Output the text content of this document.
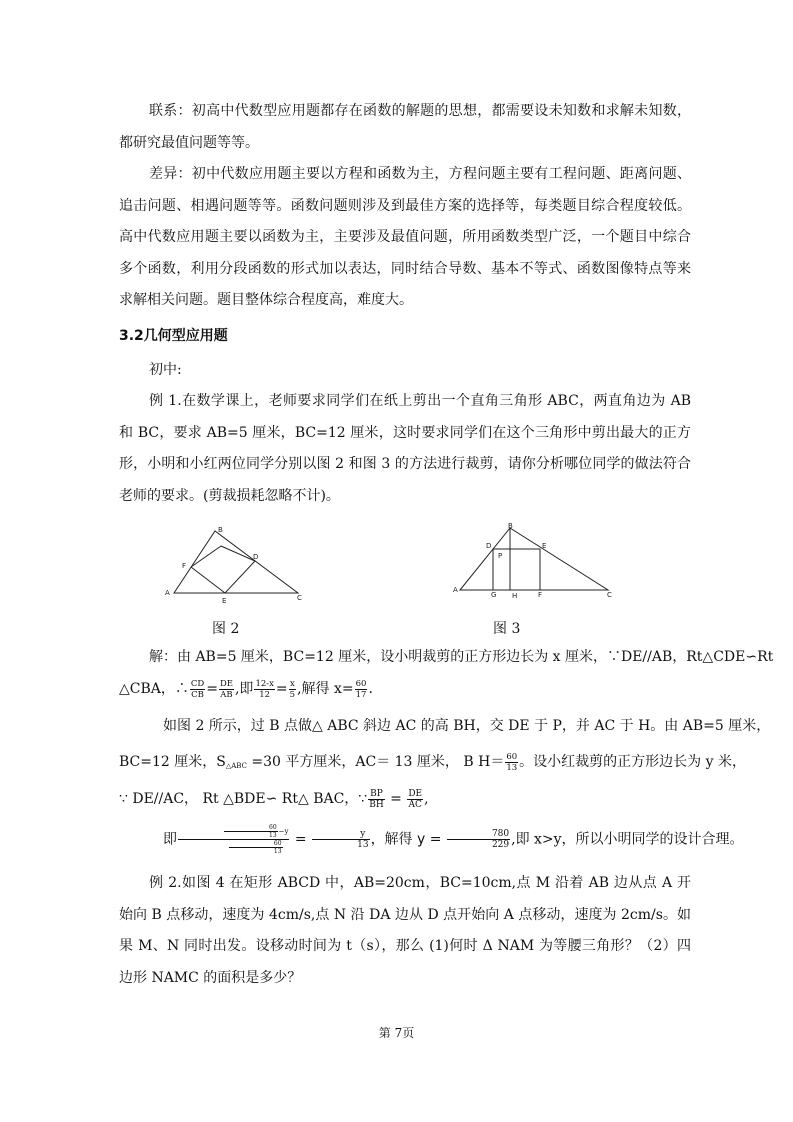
联系：初高中代数型应用题都存在函数的解题的思想，都需要设未知数和求解未知数，都研究最值问题等等。

差异：初中代数应用题主要以方程和函数为主，方程问题主要有工程问题、距离问题、追击问题、相遇问题等等。函数问题则涉及到最佳方案的选择等，每类题目综合程度较低。高中代数应用题主要以函数为主，主要涉及最值问题，所用函数类型广泛，一个题目中综合多个函数，利用分段函数的形式加以表达，同时结合导数、基本不等式、函数图像特点等来求解相关问题。题目整体综合程度高，难度大。

3.2几何型应用题
初中:

例 1.在数学课上，老师要求同学们在纸上剪出一个直角三角形 ABC，两直角边为 AB 和 BC，要求 AB=5 厘米，BC=12 厘米，这时要求同学们在这个三角形中剪出最大的正方形，小明和小红两位同学分别以图 2 和图 3 的方法进行裁剪，请你分析哪位同学的做法符合老师的要求。(剪裁损耗忽略不计)。

A
B
C
D
E
F
图 2
B
D	E
P
A
G H	F	C
图 3
解：由 AB=5 厘米，BC=12 厘米，设小明裁剪的正方形边长为 x 厘米，∵DE//AB，Rt△CDE∽Rt
△CBA，∴ $\frac{CD}{CB} = \frac{DE}{AB}$ ,即 $\frac{12-x}{12} = \frac{x}{5}$ ,解得 $x= \frac{60}{17}$ .
如图 2 所示，过 B 点做△ ABC 斜边 AC 的高 BH，交 DE 于 P，并 AC 于 H。由 AB=5 厘米，
BC=12 厘米，$S_{\triangle ABC} =30$ 平方厘米，AC＝ 13 厘米， B $H= \frac{60}{13}$ 。设小红裁剪的正方形边长为 y 米，
∵ DE//AC， Rt △BDE∽ Rt△ BAC，∵ $\frac{BP}{BH} = \frac{DE}{AC}$ ,
即 $\frac{\frac{60}{13} -y}{\frac{60}{13}} = \frac{y}{13}$ ，解得 $y = \frac{780}{229}$ ,即 x>y，所以小明同学的设计合理。

例 2.如图 4 在矩形 ABCD 中，AB=20cm，BC=10cm,点 M 沿着 AB 边从点 A 开始向 B 点移动，速度为 4cm/s,点 N 沿 DA 边从 D 点开始向 A 点移动，速度为 2cm/s。如果 M、N 同时出发。设移动时间为 t（s），那么 (1)何时 Δ NAM 为等腰三角形？（2）四边形 NAMC 的面积是多少？

第 7页
